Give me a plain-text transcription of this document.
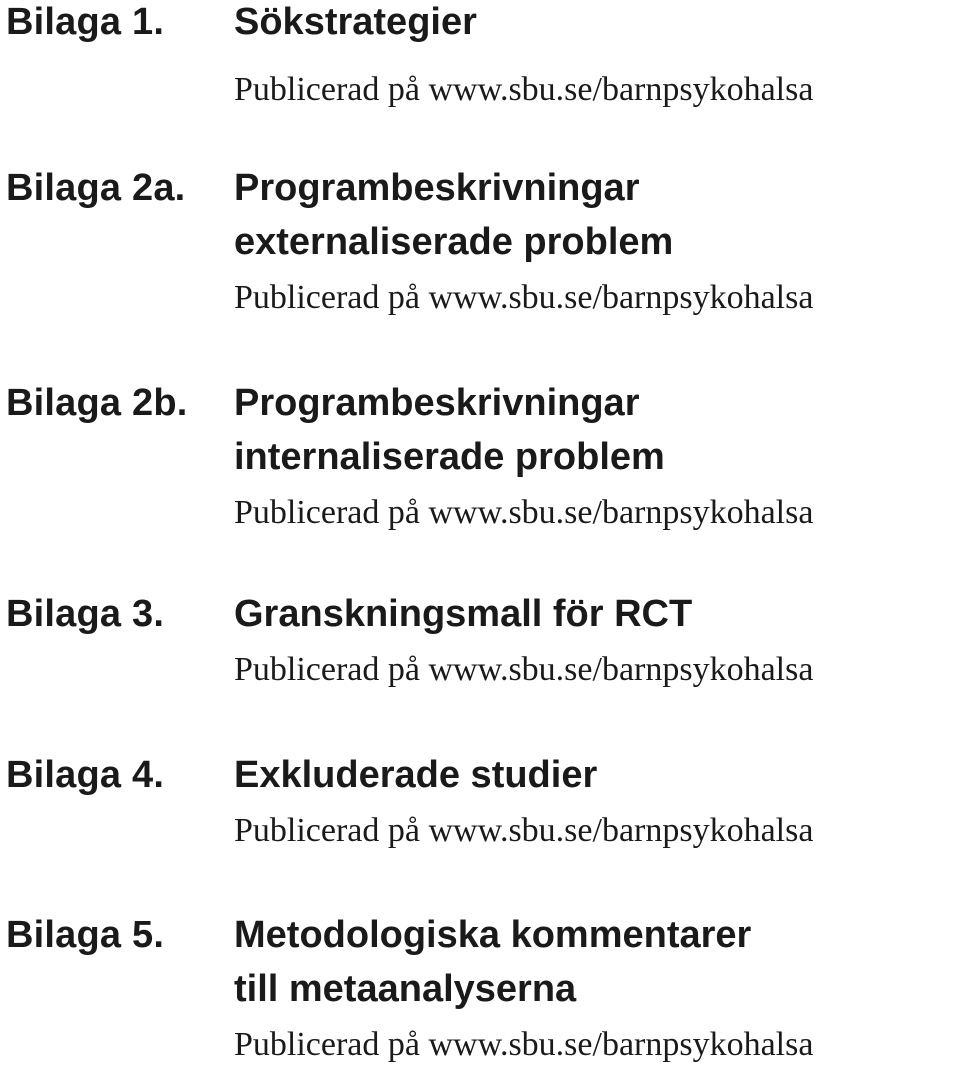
Bilaga 1. Sökstrategier
Publicerad på www.sbu.se/barnpsykohalsa
Bilaga 2a. Programbeskrivningar
externaliserade problem
Publicerad på www.sbu.se/barnpsykohalsa
Bilaga 2b. Programbeskrivningar
internaliserade problem
Publicerad på www.sbu.se/barnpsykohalsa
Bilaga 3. Granskningsmall för RCT
Publicerad på www.sbu.se/barnpsykohalsa
Bilaga 4. Exkluderade studier
Publicerad på www.sbu.se/barnpsykohalsa
Bilaga 5. Metodologiska kommentarer
till metaanalyserna
Publicerad på www.sbu.se/barnpsykohalsa
